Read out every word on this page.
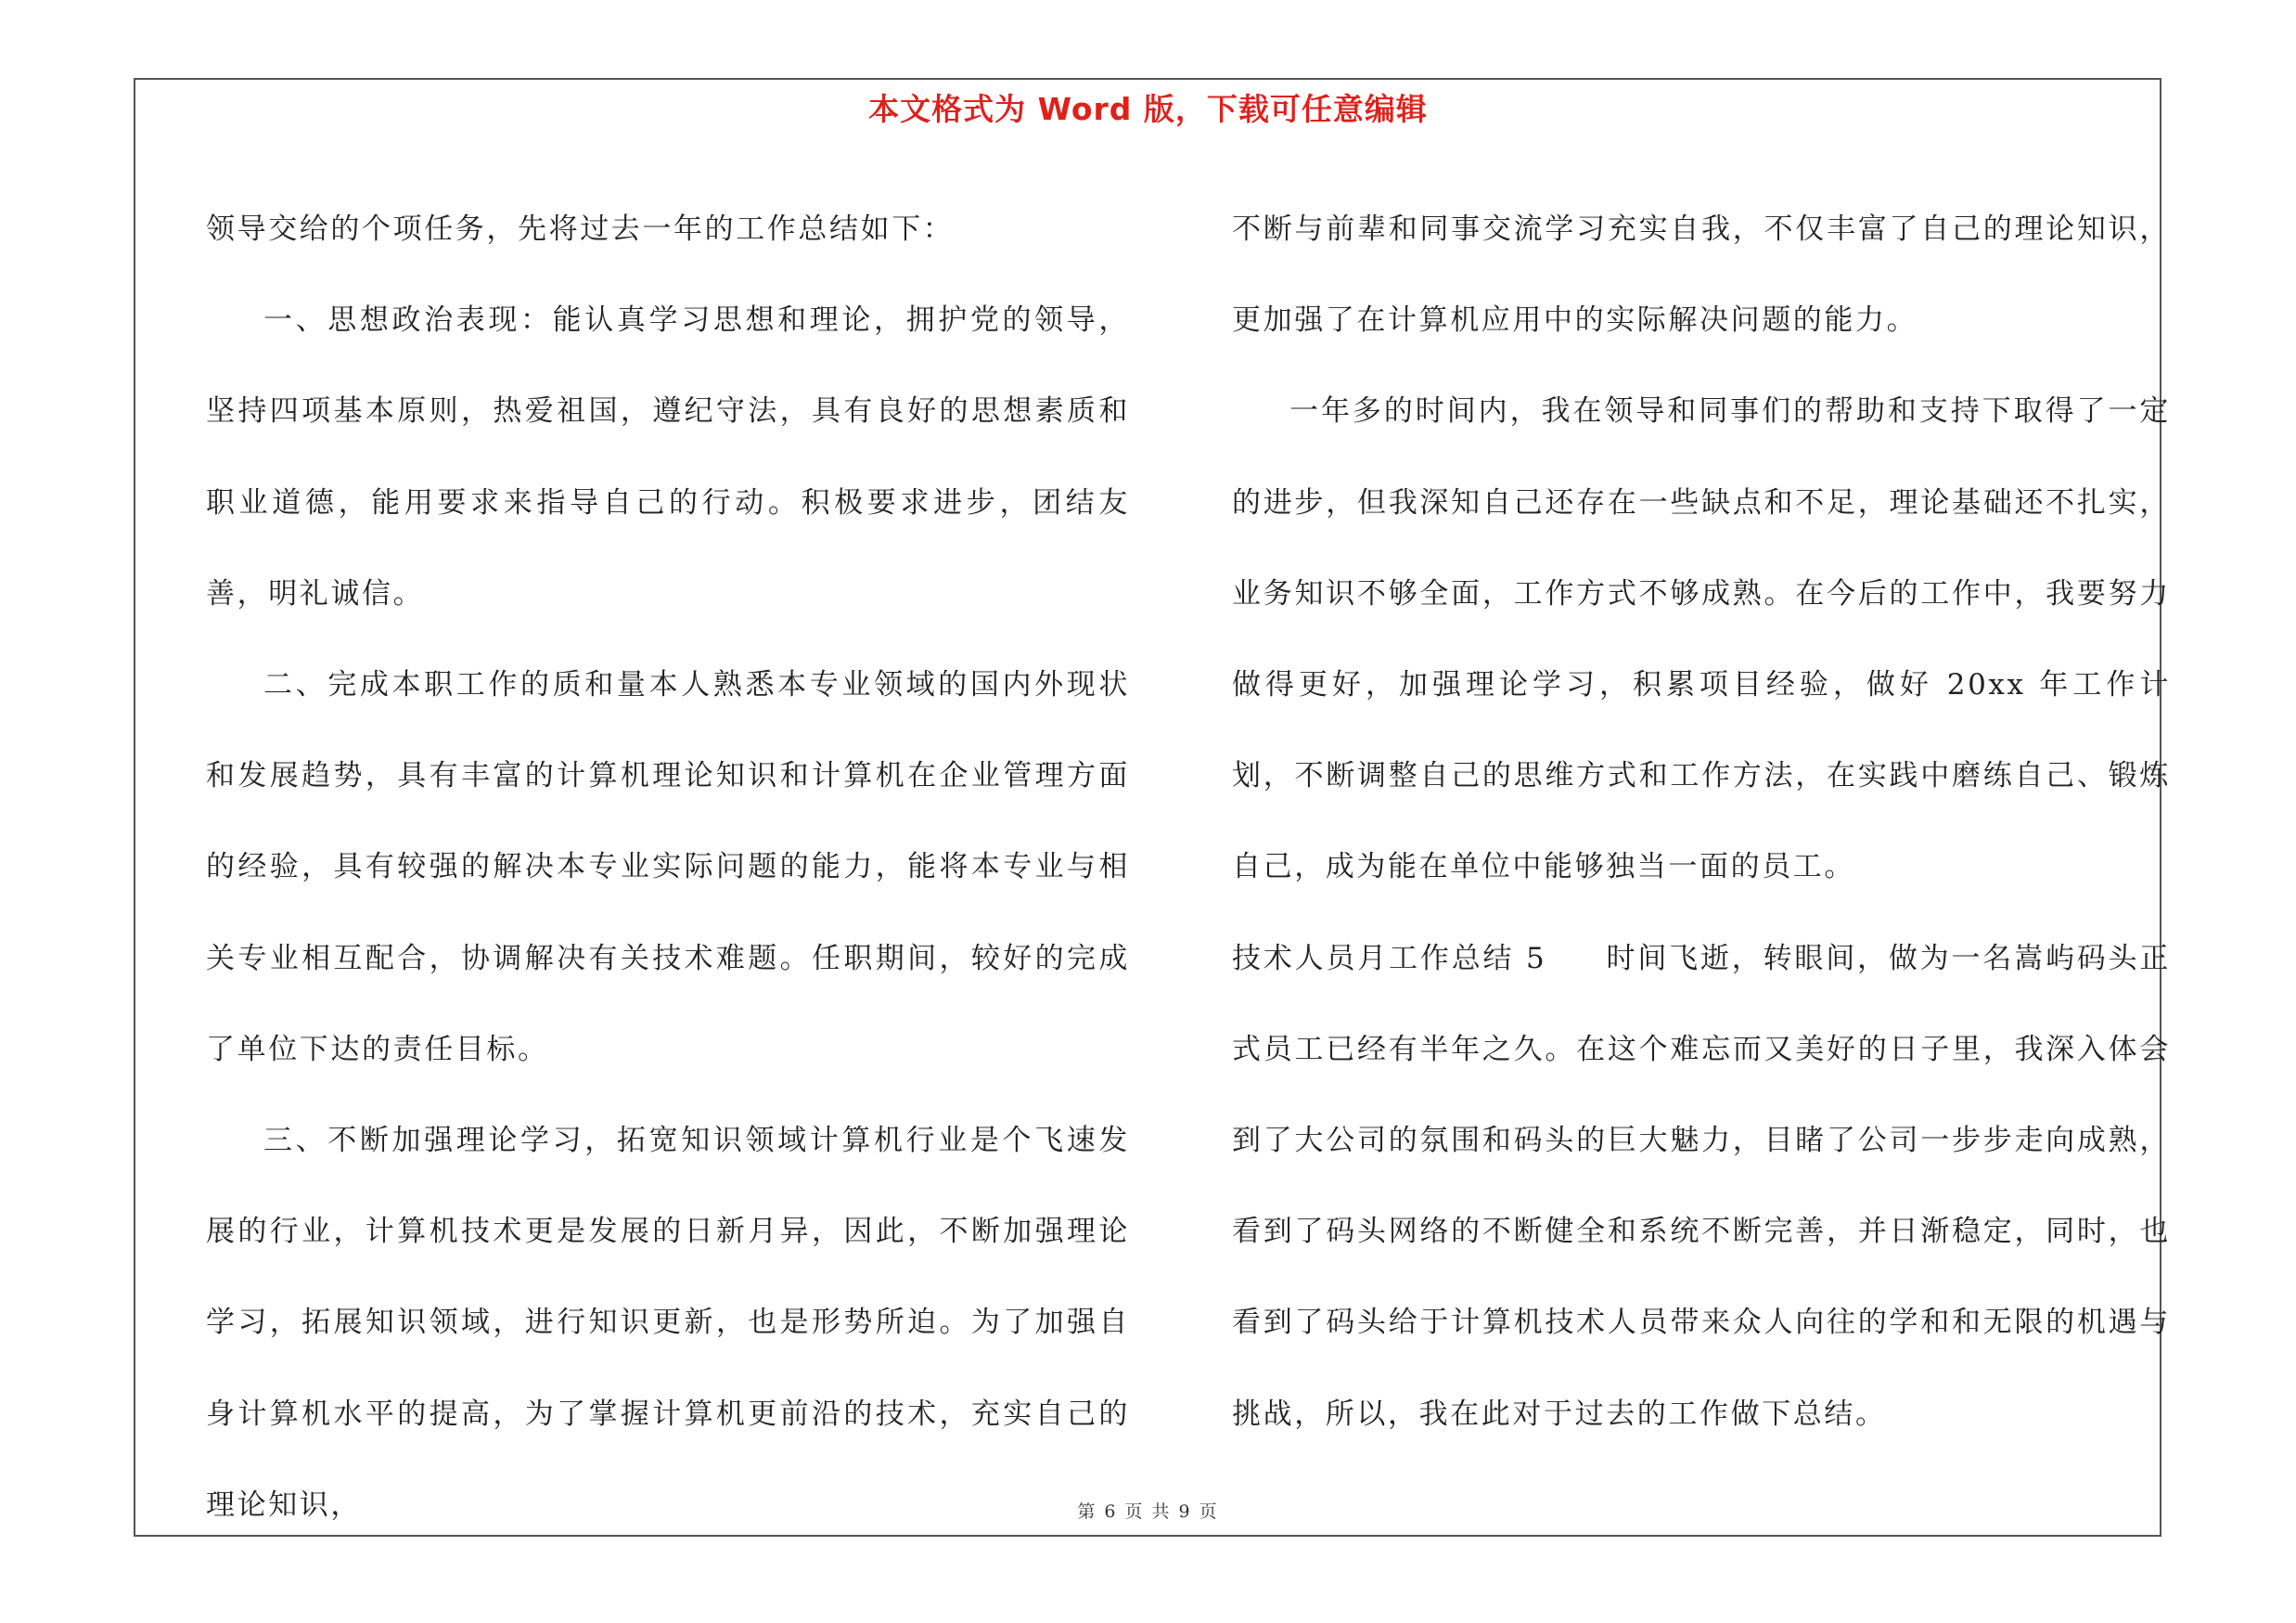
本文格式为 Word 版，下载可任意编辑

领导交给的个项任务，先将过去一年的工作总结如下：

一、思想政治表现：能认真学习思想和理论，拥护党的领导，坚持四项基本原则，热爱祖国，遵纪守法，具有良好的思想素质和职业道德，能用要求来指导自己的行动。积极要求进步，团结友善，明礼诚信。

二、完成本职工作的质和量本人熟悉本专业领域的国内外现状和发展趋势，具有丰富的计算机理论知识和计算机在企业管理方面的经验，具有较强的解决本专业实际问题的能力，能将本专业与相关专业相互配合，协调解决有关技术难题。任职期间，较好的完成了单位下达的责任目标。

三、不断加强理论学习，拓宽知识领域计算机行业是个飞速发展的行业，计算机技术更是发展的日新月异，因此，不断加强理论学习，拓展知识领域，进行知识更新，也是形势所迫。为了加强自身计算机水平的提高，为了掌握计算机更前沿的技术，充实自己的理论知识，

不断与前辈和同事交流学习充实自我，不仅丰富了自己的理论知识，更加强了在计算机应用中的实际解决问题的能力。

一年多的时间内，我在领导和同事们的帮助和支持下取得了一定的进步，但我深知自己还存在一些缺点和不足，理论基础还不扎实，业务知识不够全面，工作方式不够成熟。在今后的工作中，我要努力做得更好，加强理论学习，积累项目经验，做好 20xx 年工作计划，不断调整自己的思维方式和工作方法，在实践中磨练自己、锻炼自己，成为能在单位中能够独当一面的员工。

技术人员月工作总结 5 时间飞逝，转眼间，做为一名嵩屿码头正式员工已经有半年之久。在这个难忘而又美好的日子里，我深入体会到了大公司的氛围和码头的巨大魅力，目睹了公司一步步走向成熟，看到了码头网络的不断健全和系统不断完善，并日渐稳定，同时，也看到了码头给于计算机技术人员带来众人向往的学和和无限的机遇与挑战，所以，我在此对于过去的工作做下总结。

第 6 页 共 9 页
